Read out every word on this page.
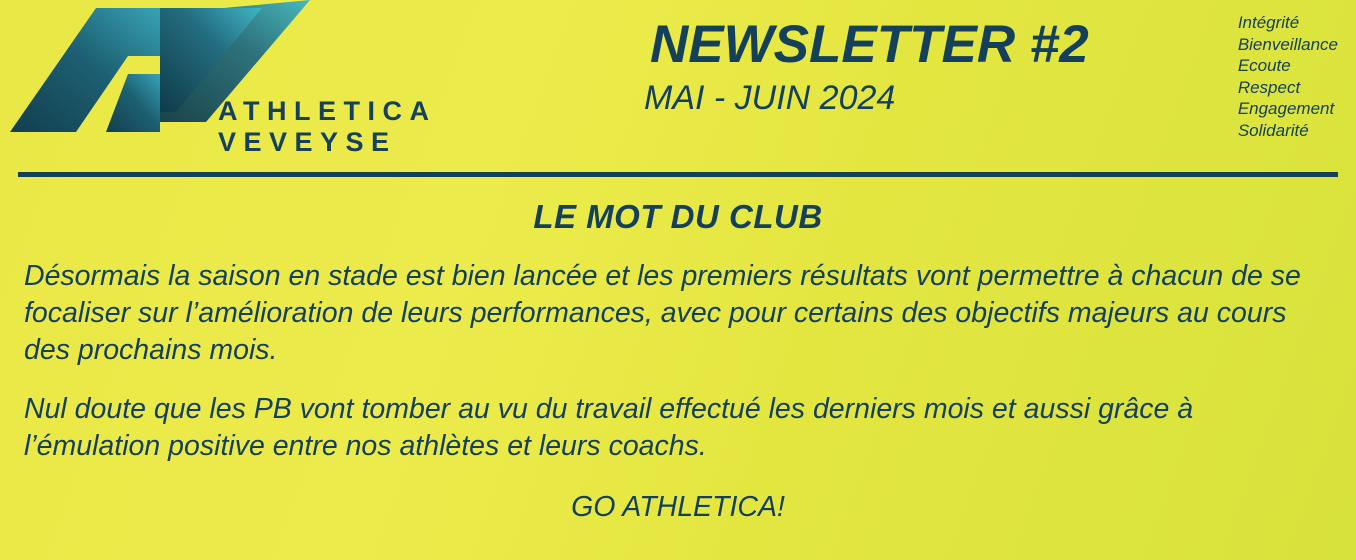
ATHLETICA VEVEYSE
NEWSLETTER #2
MAI - JUIN 2024
Intégrité
Bienveillance
Ecoute
Respect
Engagement
Solidarité
LE MOT DU CLUB

Désormais la saison en stade est bien lancée et les premiers résultats vont permettre à chacun de se focaliser sur l’amélioration de leurs performances, avec pour certains des objectifs majeurs au cours des prochains mois.

Nul doute que les PB vont tomber au vu du travail effectué les derniers mois et aussi grâce à l’émulation positive entre nos athlètes et leurs coachs.

GO ATHLETICA!
